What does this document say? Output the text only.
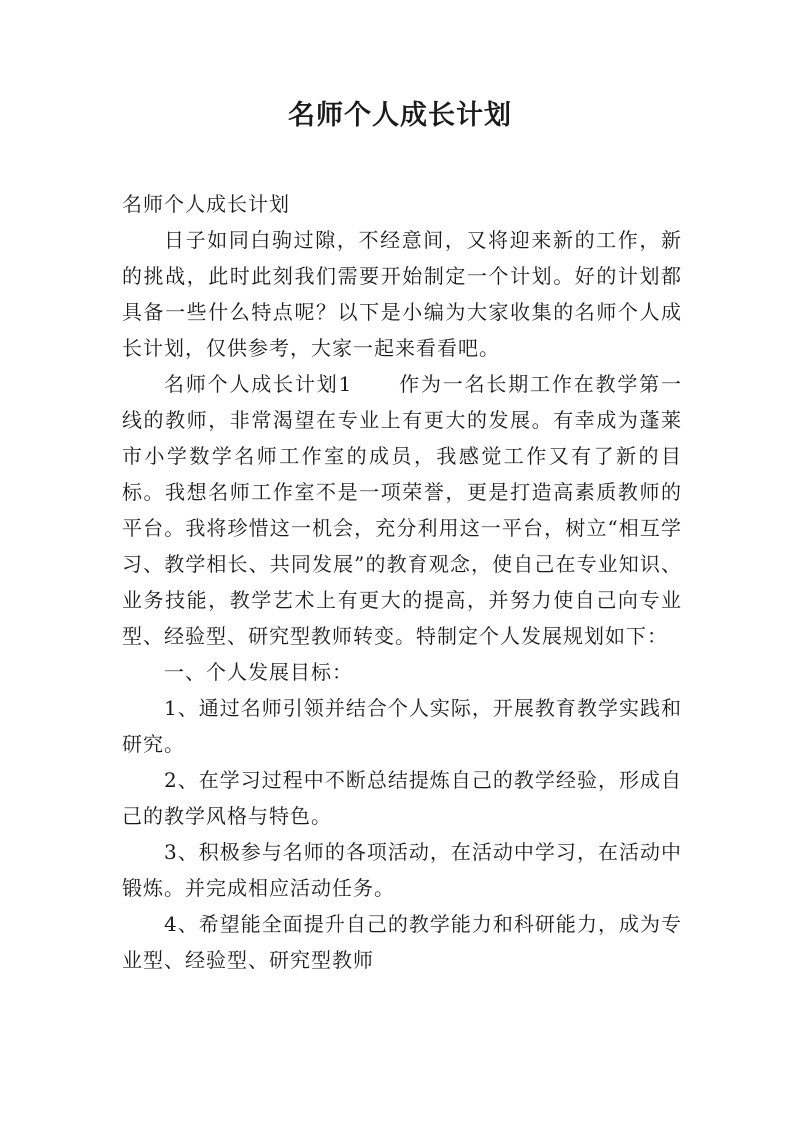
名师个人成长计划

名师个人成长计划

日子如同白驹过隙，不经意间，又将迎来新的工作，新的挑战，此时此刻我们需要开始制定一个计划。好的计划都具备一些什么特点呢？以下是小编为大家收集的名师个人成长计划，仅供参考，大家一起来看看吧。

名师个人成长计划1 作为一名长期工作在教学第一线的教师，非常渴望在专业上有更大的发展。有幸成为蓬莱市小学数学名师工作室的成员，我感觉工作又有了新的目标。我想名师工作室不是一项荣誉，更是打造高素质教师的平台。我将珍惜这一机会，充分利用这一平台，树立“相互学习、教学相长、共同发展”的教育观念，使自己在专业知识、业务技能，教学艺术上有更大的提高，并努力使自己向专业型、经验型、研究型教师转变。特制定个人发展规划如下：

一、个人发展目标：

1、通过名师引领并结合个人实际，开展教育教学实践和研究。

2、在学习过程中不断总结提炼自己的教学经验，形成自己的教学风格与特色。

3、积极参与名师的各项活动，在活动中学习，在活动中锻炼。并完成相应活动任务。

4、希望能全面提升自己的教学能力和科研能力，成为专业型、经验型、研究型教师
